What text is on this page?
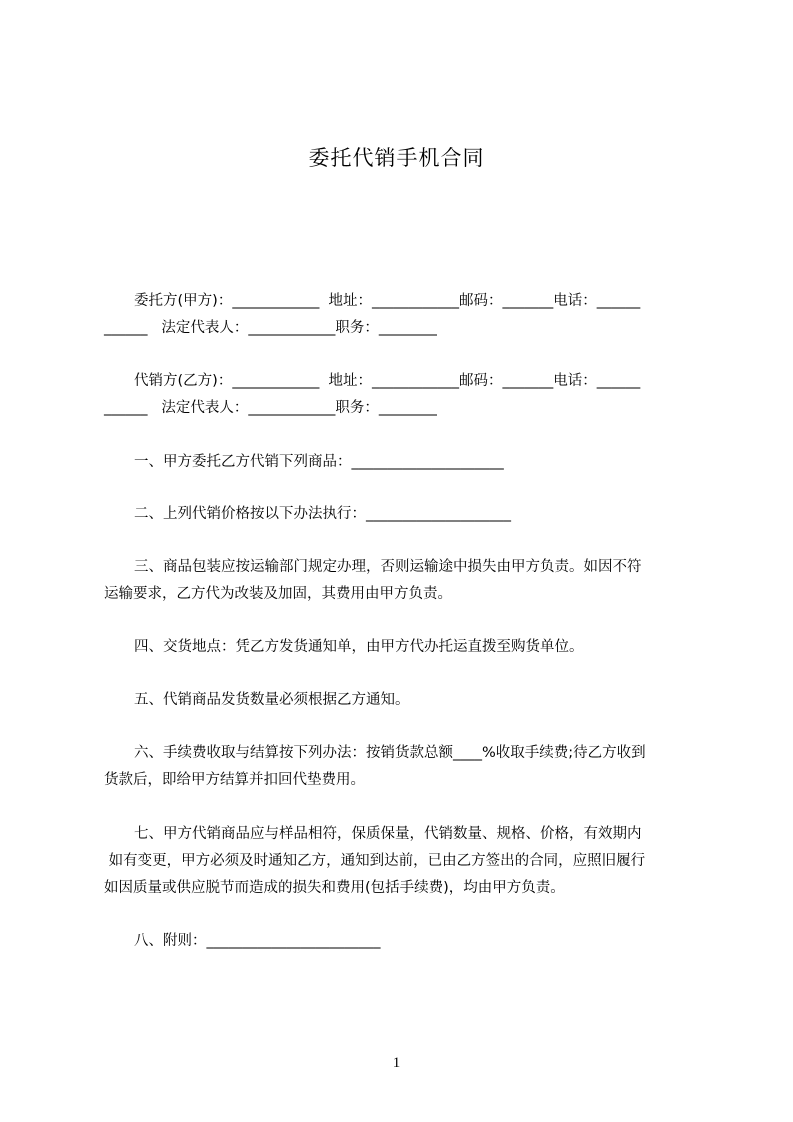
委托代销手机合同
委托方(甲方)：____________  地址：____________邮码：_______电话：______
______   法定代表人：____________职务：________
代销方(乙方)：____________  地址：____________邮码：_______电话：______
______   法定代表人：____________职务：________
一、甲方委托乙方代销下列商品：_____________________
二、上列代销价格按以下办法执行：____________________
三、商品包装应按运输部门规定办理，否则运输途中损失由甲方负责。如因不符
运输要求，乙方代为改装及加固，其费用由甲方负责。
四、交货地点：凭乙方发货通知单，由甲方代办托运直拨至购货单位。
五、代销商品发货数量必须根据乙方通知。
六、手续费收取与结算按下列办法：按销货款总额____%收取手续费;待乙方收到
货款后，即给甲方结算并扣回代垫费用。
七、甲方代销商品应与样品相符，保质保量，代销数量、规格、价格，有效期内
如有变更，甲方必须及时通知乙方，通知到达前，已由乙方签出的合同，应照旧履行
如因质量或供应脱节而造成的损失和费用(包括手续费)，均由甲方负责。
八、附则：________________________
1
